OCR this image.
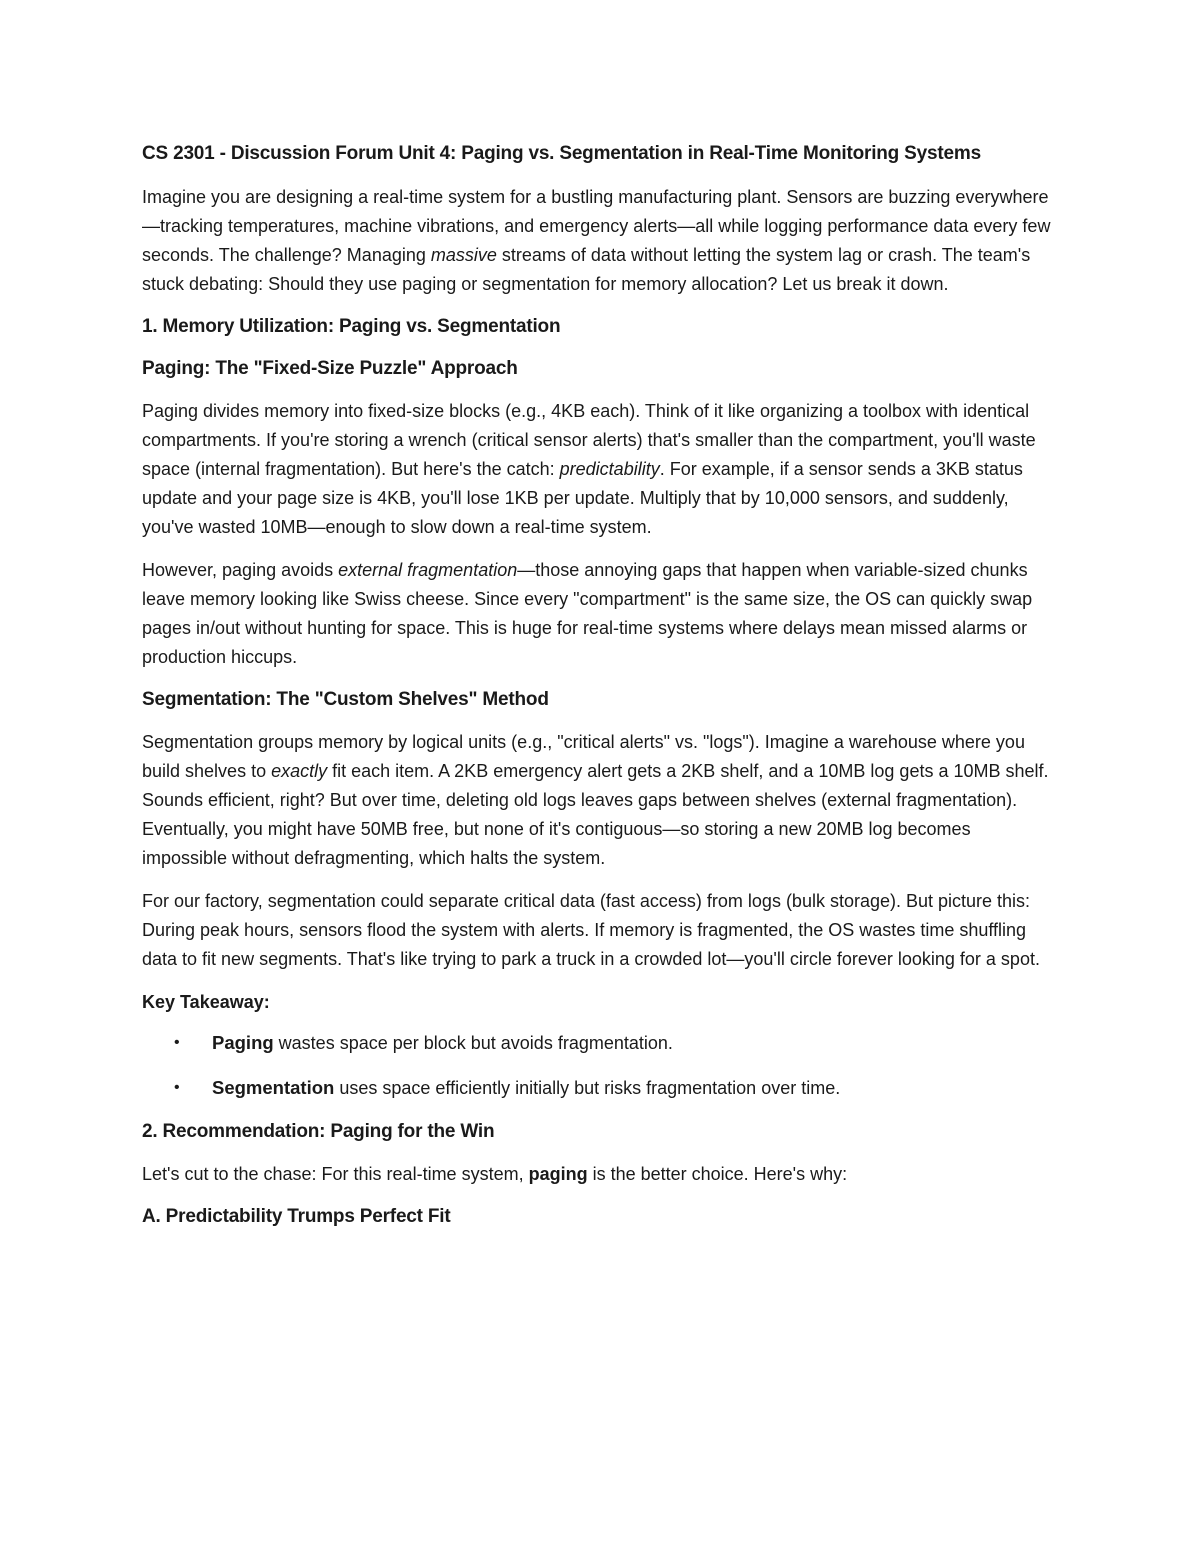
CS 2301 - Discussion Forum Unit 4: Paging vs. Segmentation in Real-Time Monitoring Systems

Imagine you are designing a real-time system for a bustling manufacturing plant. Sensors are buzzing everywhere—tracking temperatures, machine vibrations, and emergency alerts—all while logging performance data every few seconds. The challenge? Managing massive streams of data without letting the system lag or crash. The team's stuck debating: Should they use paging or segmentation for memory allocation? Let us break it down.

1. Memory Utilization: Paging vs. Segmentation
Paging: The "Fixed-Size Puzzle" Approach

Paging divides memory into fixed-size blocks (e.g., 4KB each). Think of it like organizing a toolbox with identical compartments. If you're storing a wrench (critical sensor alerts) that's smaller than the compartment, you'll waste space (internal fragmentation). But here's the catch: predictability. For example, if a sensor sends a 3KB status update and your page size is 4KB, you'll lose 1KB per update. Multiply that by 10,000 sensors, and suddenly, you've wasted 10MB—enough to slow down a real-time system.

However, paging avoids external fragmentation—those annoying gaps that happen when variable-sized chunks leave memory looking like Swiss cheese. Since every "compartment" is the same size, the OS can quickly swap pages in/out without hunting for space. This is huge for real-time systems where delays mean missed alarms or production hiccups.

Segmentation: The "Custom Shelves" Method

Segmentation groups memory by logical units (e.g., "critical alerts" vs. "logs"). Imagine a warehouse where you build shelves to exactly fit each item. A 2KB emergency alert gets a 2KB shelf, and a 10MB log gets a 10MB shelf. Sounds efficient, right? But over time, deleting old logs leaves gaps between shelves (external fragmentation). Eventually, you might have 50MB free, but none of it's contiguous—so storing a new 20MB log becomes impossible without defragmenting, which halts the system.

For our factory, segmentation could separate critical data (fast access) from logs (bulk storage). But picture this: During peak hours, sensors flood the system with alerts. If memory is fragmented, the OS wastes time shuffling data to fit new segments. That's like trying to park a truck in a crowded lot—you'll circle forever looking for a spot.

Key Takeaway:
• Paging wastes space per block but avoids fragmentation.
• Segmentation uses space efficiently initially but risks fragmentation over time.
2. Recommendation: Paging for the Win

Let's cut to the chase: For this real-time system, paging is the better choice. Here's why:

A. Predictability Trumps Perfect Fit
